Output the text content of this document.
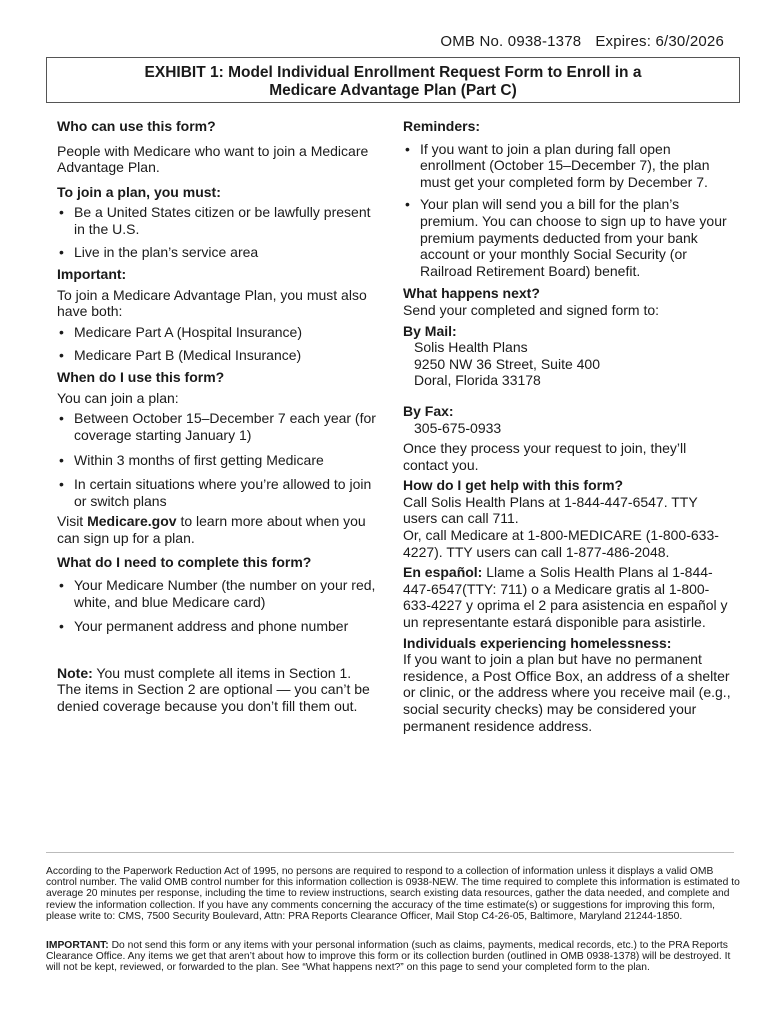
OMB No. 0938-1378 Expires: 6/30/2026
EXHIBIT 1: Model Individual Enrollment Request Form to Enroll in a
Medicare Advantage Plan (Part C)

Who can use this form?

People with Medicare who want to join a Medicare Advantage Plan.

To join a plan, you must:

• Be a United States citizen or be lawfully present in the U.S.
• Live in the plan’s service area

Important:

To join a Medicare Advantage Plan, you must also have both:

• Medicare Part A (Hospital Insurance)
• Medicare Part B (Medical Insurance)

When do I use this form?

You can join a plan:

• Between October 15–December 7 each year (for coverage starting January 1)
• Within 3 months of first getting Medicare
• In certain situations where you’re allowed to join or switch plans

Visit Medicare.gov to learn more about when you can sign up for a plan.

What do I need to complete this form?

• Your Medicare Number (the number on your red, white, and blue Medicare card)
• Your permanent address and phone number

Note: You must complete all items in Section 1. The items in Section 2 are optional — you can’t be denied coverage because you don’t fill them out.

Reminders:

• If you want to join a plan during fall open enrollment (October 15–December 7), the plan must get your completed form by December 7.
• Your plan will send you a bill for the plan’s premium. You can choose to sign up to have your premium payments deducted from your bank account or your monthly Social Security (or Railroad Retirement Board) benefit.

What happens next?

Send your completed and signed form to:

By Mail:

Solis Health Plans

9250 NW 36 Street, Suite 400

Doral, Florida 33178

By Fax:

305-675-0933

Once they process your request to join, they’ll contact you.

How do I get help with this form?

Call Solis Health Plans at 1-844-447-6547. TTY users can call 711.

Or, call Medicare at 1-800-MEDICARE (1-800-633-4227). TTY users can call 1-877-486-2048.

En español: Llame a Solis Health Plans al 1-844-447-6547(TTY: 711) o a Medicare gratis al 1-800-633-4227 y oprima el 2 para asistencia en español y un representante estará disponible para asistirle.

Individuals experiencing homelessness:

If you want to join a plan but have no permanent residence, a Post Office Box, an address of a shelter or clinic, or the address where you receive mail (e.g., social security checks) may be considered your permanent residence address.

According to the Paperwork Reduction Act of 1995, no persons are required to respond to a collection of information unless it displays a valid OMB control number. The valid OMB control number for this information collection is 0938-NEW. The time required to complete this information is estimated to average 20 minutes per response, including the time to review instructions, search existing data resources, gather the data needed, and complete and review the information collection. If you have any comments concerning the accuracy of the time estimate(s) or suggestions for improving this form, please write to: CMS, 7500 Security Boulevard, Attn: PRA Reports Clearance Officer, Mail Stop C4-26-05, Baltimore, Maryland 21244-1850.
IMPORTANT: Do not send this form or any items with your personal information (such as claims, payments, medical records, etc.) to the PRA Reports Clearance Office. Any items we get that aren’t about how to improve this form or its collection burden (outlined in OMB 0938-1378) will be destroyed. It will not be kept, reviewed, or forwarded to the plan. See “What happens next?” on this page to send your completed form to the plan.
